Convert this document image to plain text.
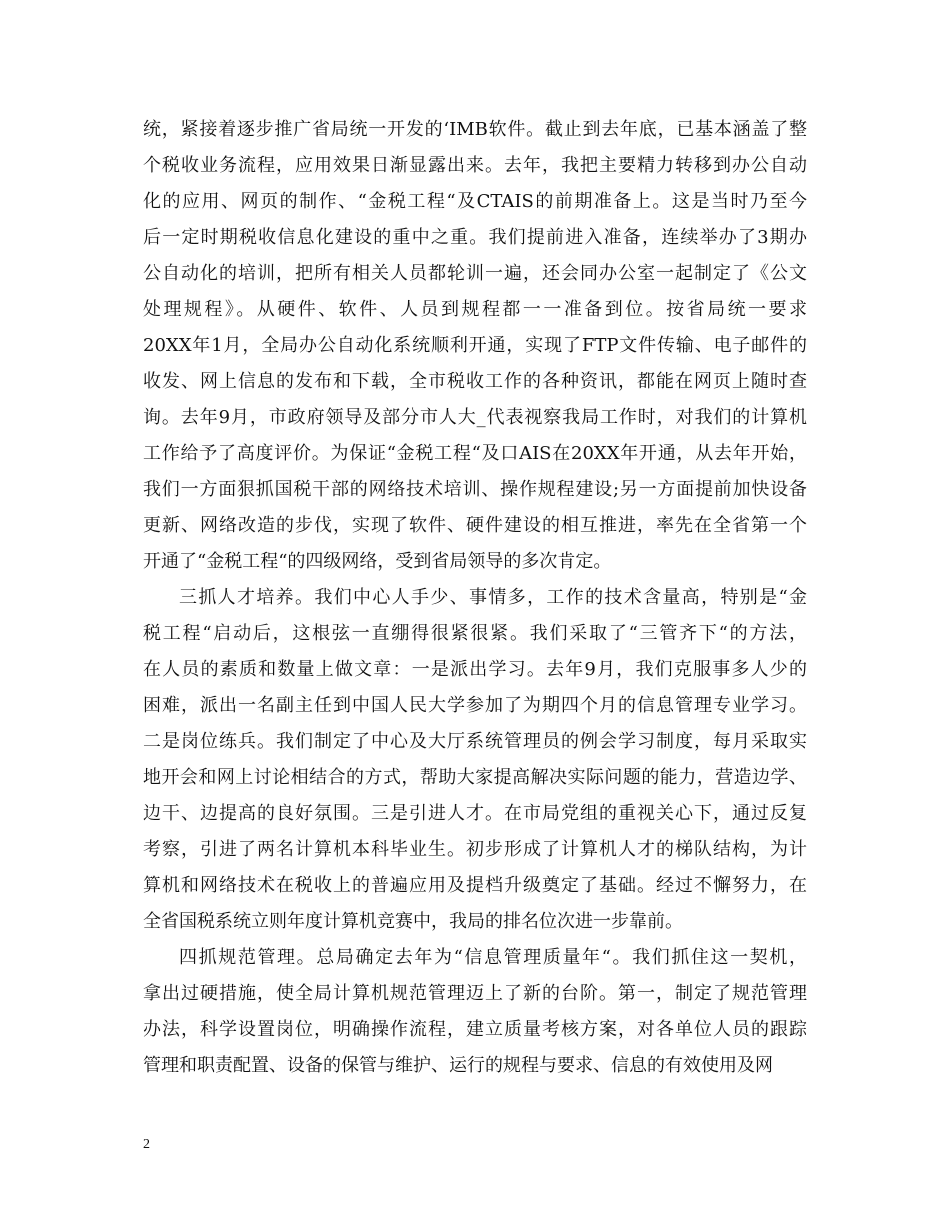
统，紧接着逐步推广省局统一开发的‘IMB软件。截止到去年底，已基本涵盖了整
个税收业务流程，应用效果日渐显露出来。去年，我把主要精力转移到办公自动
化的应用、网页的制作、“金税工程“及CTAIS的前期准备上。这是当时乃至今
后一定时期税收信息化建设的重中之重。我们提前进入准备，连续举办了3期办
公自动化的培训，把所有相关人员都轮训一遍，还会同办公室一起制定了《公文
处理规程》。从硬件、软件、人员到规程都一一准备到位。按省局统一要求
20XX年1月，全局办公自动化系统顺利开通，实现了FTP文件传输、电子邮件的
收发、网上信息的发布和下载，全市税收工作的各种资讯，都能在网页上随时查
询。去年9月，市政府领导及部分市人大_代表视察我局工作时，对我们的计算机
工作给予了高度评价。为保证“金税工程“及口AIS在20XX年开通，从去年开始，
我们一方面狠抓国税干部的网络技术培训、操作规程建设;另一方面提前加快设备
更新、网络改造的步伐，实现了软件、硬件建设的相互推进，率先在全省第一个
开通了“金税工程“的四级网络，受到省局领导的多次肯定。
三抓人才培养。我们中心人手少、事情多，工作的技术含量高，特别是“金
税工程“启动后，这根弦一直绷得很紧很紧。我们采取了“三管齐下“的方法，
在人员的素质和数量上做文章：一是派出学习。去年9月，我们克服事多人少的
困难，派出一名副主任到中国人民大学参加了为期四个月的信息管理专业学习。
二是岗位练兵。我们制定了中心及大厅系统管理员的例会学习制度，每月采取实
地开会和网上讨论相结合的方式，帮助大家提高解决实际问题的能力，营造边学、
边干、边提高的良好氛围。三是引进人才。在市局党组的重视关心下，通过反复
考察，引进了两名计算机本科毕业生。初步形成了计算机人才的梯队结构，为计
算机和网络技术在税收上的普遍应用及提档升级奠定了基础。经过不懈努力，在
全省国税系统立则年度计算机竞赛中，我局的排名位次进一步靠前。
四抓规范管理。总局确定去年为“信息管理质量年“。我们抓住这一契机，
拿出过硬措施，使全局计算机规范管理迈上了新的台阶。第一，制定了规范管理
办法，科学设置岗位，明确操作流程，建立质量考核方案，对各单位人员的跟踪
管理和职责配置、设备的保管与维护、运行的规程与要求、信息的有效使用及网
2
